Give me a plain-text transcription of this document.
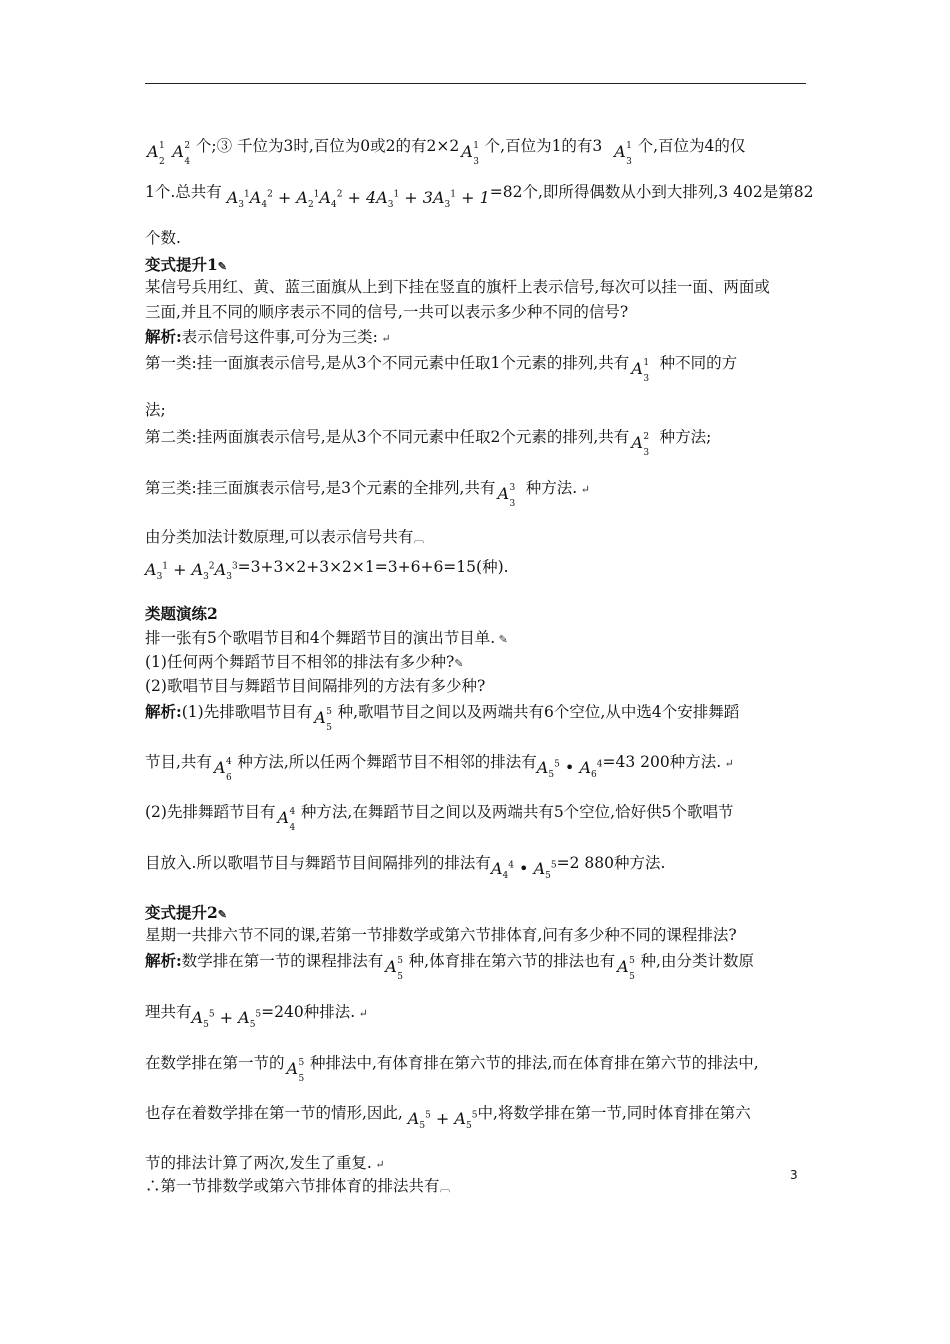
A 1
2
A 2
4
个;③ 千位为3时,百位为0或2的有2×2 A 1
3
个,百位为1的有3 A 1
3
个,百位为4的仅
1个.总共有 $A_3^1A_4^2 + A_2^1A_4^2 + 4A_3^1 + 3A_3^1 + 1=82$个,即所得偶数从小到大排列,3 402是第82
个数.
变式提升1✎
某信号兵用红、黄、蓝三面旗从上到下挂在竖直的旗杆上表示信号,每次可以挂一面、两面或
三面,并且不同的顺序表示不同的信号,一共可以表示多少种不同的信号?
解析:表示信号这件事,可分为三类: ↵
第一类:挂一面旗表示信号,是从3个不同元素中任取1个元素的排列,共有 A 1
3
种不同的方
法;
第二类:挂两面旗表示信号,是从3个不同元素中任取2个元素的排列,共有 A 2
3
种方法;
第三类:挂三面旗表示信号,是3个元素的全排列,共有 A 3
3
种方法. ↵
由分类加法计数原理,可以表示信号共有︹
$A_3^1 + A_3^2A_3^3=3+3\times 2+3\times 2\times 1=3+6+6=15$(种).
类题演练2
排一张有5个歌唱节目和4个舞蹈节目的演出节目单. ✎
(1)任何两个舞蹈节目不相邻的排法有多少种?✎
(2)歌唱节目与舞蹈节目间隔排列的方法有多少种?
解析:(1)先排歌唱节目有 A 5
5
种,歌唱节目之间以及两端共有6个空位,从中选4个安排舞蹈
节目,共有 A 4
6
种方法,所以任两个舞蹈节目不相邻的排法有$A_5^5$ • $A_6^4=43$ 200种方法. ↵
(2)先排舞蹈节目有 A 4
4
种方法,在舞蹈节目之间以及两端共有5个空位,恰好供5个歌唱节
目放入.所以歌唱节目与舞蹈节目间隔排列的排法有$A_4^4$ • $A_5^5=2$ 880种方法.
变式提升2✎
星期一共排六节不同的课,若第一节排数学或第六节排体育,问有多少种不同的课程排法?
解析:数学排在第一节的课程排法有 A 5
5
种,体育排在第六节的排法也有 A 5
5
种,由分类计数原
理共有$A_5^5 + A_5^5=240$种排法. ↵
在数学排在第一节的 A 5
5
种排法中,有体育排在第六节的排法,而在体育排在第六节的排法中,
也存在着数学排在第一节的情形,因此, $A_5^5 + A_5^5$中,将数学排在第一节,同时体育排在第六
节的排法计算了两次,发生了重复. ↵
∴第一节排数学或第六节排体育的排法共有︹
3
